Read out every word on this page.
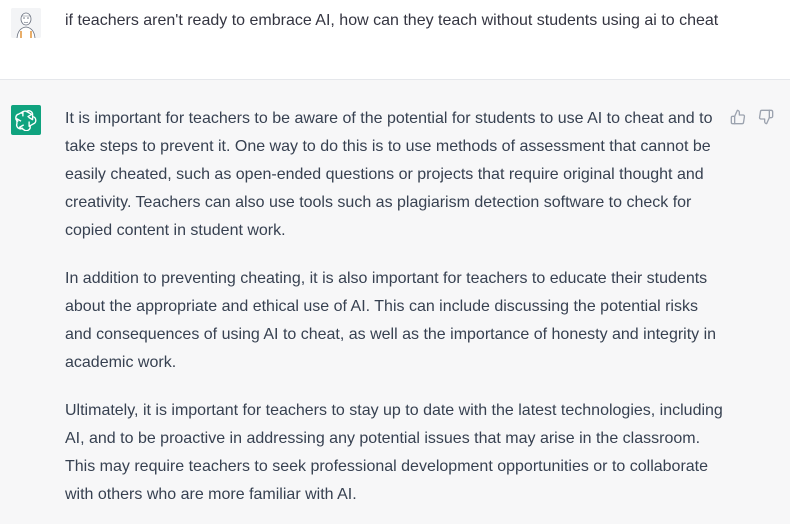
if teachers aren't ready to embrace AI, how can they teach without students using ai to cheat

It is important for teachers to be aware of the potential for students to use AI to cheat and to take steps to prevent it. One way to do this is to use methods of assessment that cannot be easily cheated, such as open-ended questions or projects that require original thought and creativity. Teachers can also use tools such as plagiarism detection software to check for copied content in student work.

In addition to preventing cheating, it is also important for teachers to educate their students about the appropriate and ethical use of AI. This can include discussing the potential risks and consequences of using AI to cheat, as well as the importance of honesty and integrity in academic work.

Ultimately, it is important for teachers to stay up to date with the latest technologies, including AI, and to be proactive in addressing any potential issues that may arise in the classroom. This may require teachers to seek professional development opportunities or to collaborate with others who are more familiar with AI.
